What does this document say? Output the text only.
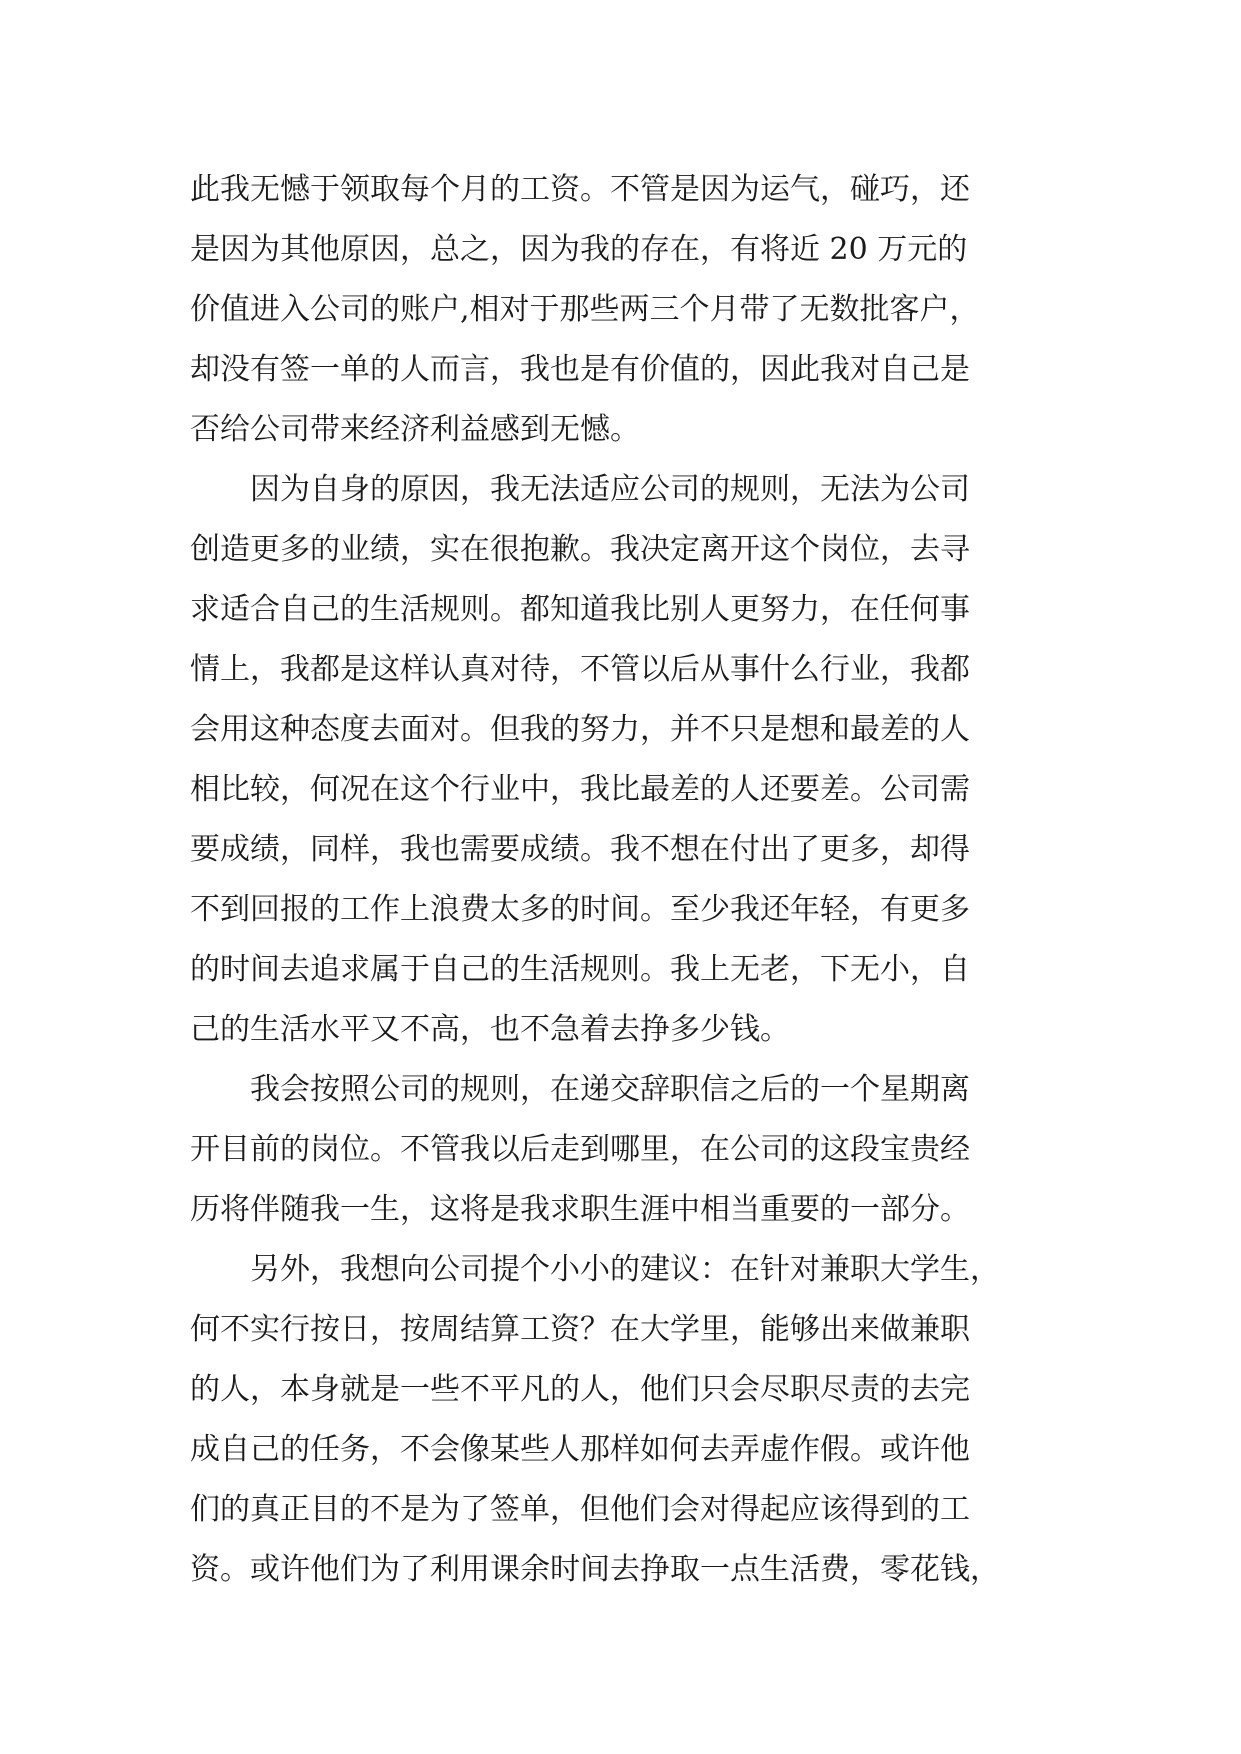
此我无憾于领取每个月的工资。不管是因为运气，碰巧，还
是因为其他原因，总之，因为我的存在，有将近 20 万元的
价值进入公司的账户,相对于那些两三个月带了无数批客户，
却没有签一单的人而言，我也是有价值的，因此我对自己是
否给公司带来经济利益感到无憾。
因为自身的原因，我无法适应公司的规则，无法为公司
创造更多的业绩，实在很抱歉。我决定离开这个岗位，去寻
求适合自己的生活规则。都知道我比别人更努力，在任何事
情上，我都是这样认真对待，不管以后从事什么行业，我都
会用这种态度去面对。但我的努力，并不只是想和最差的人
相比较，何况在这个行业中，我比最差的人还要差。公司需
要成绩，同样，我也需要成绩。我不想在付出了更多，却得
不到回报的工作上浪费太多的时间。至少我还年轻，有更多
的时间去追求属于自己的生活规则。我上无老，下无小，自
己的生活水平又不高，也不急着去挣多少钱。
我会按照公司的规则，在递交辞职信之后的一个星期离
开目前的岗位。不管我以后走到哪里，在公司的这段宝贵经
历将伴随我一生，这将是我求职生涯中相当重要的一部分。
另外，我想向公司提个小小的建议：在针对兼职大学生，
何不实行按日，按周结算工资？在大学里，能够出来做兼职
的人，本身就是一些不平凡的人，他们只会尽职尽责的去完
成自己的任务，不会像某些人那样如何去弄虚作假。或许他
们的真正目的不是为了签单，但他们会对得起应该得到的工
资。或许他们为了利用课余时间去挣取一点生活费，零花钱，
